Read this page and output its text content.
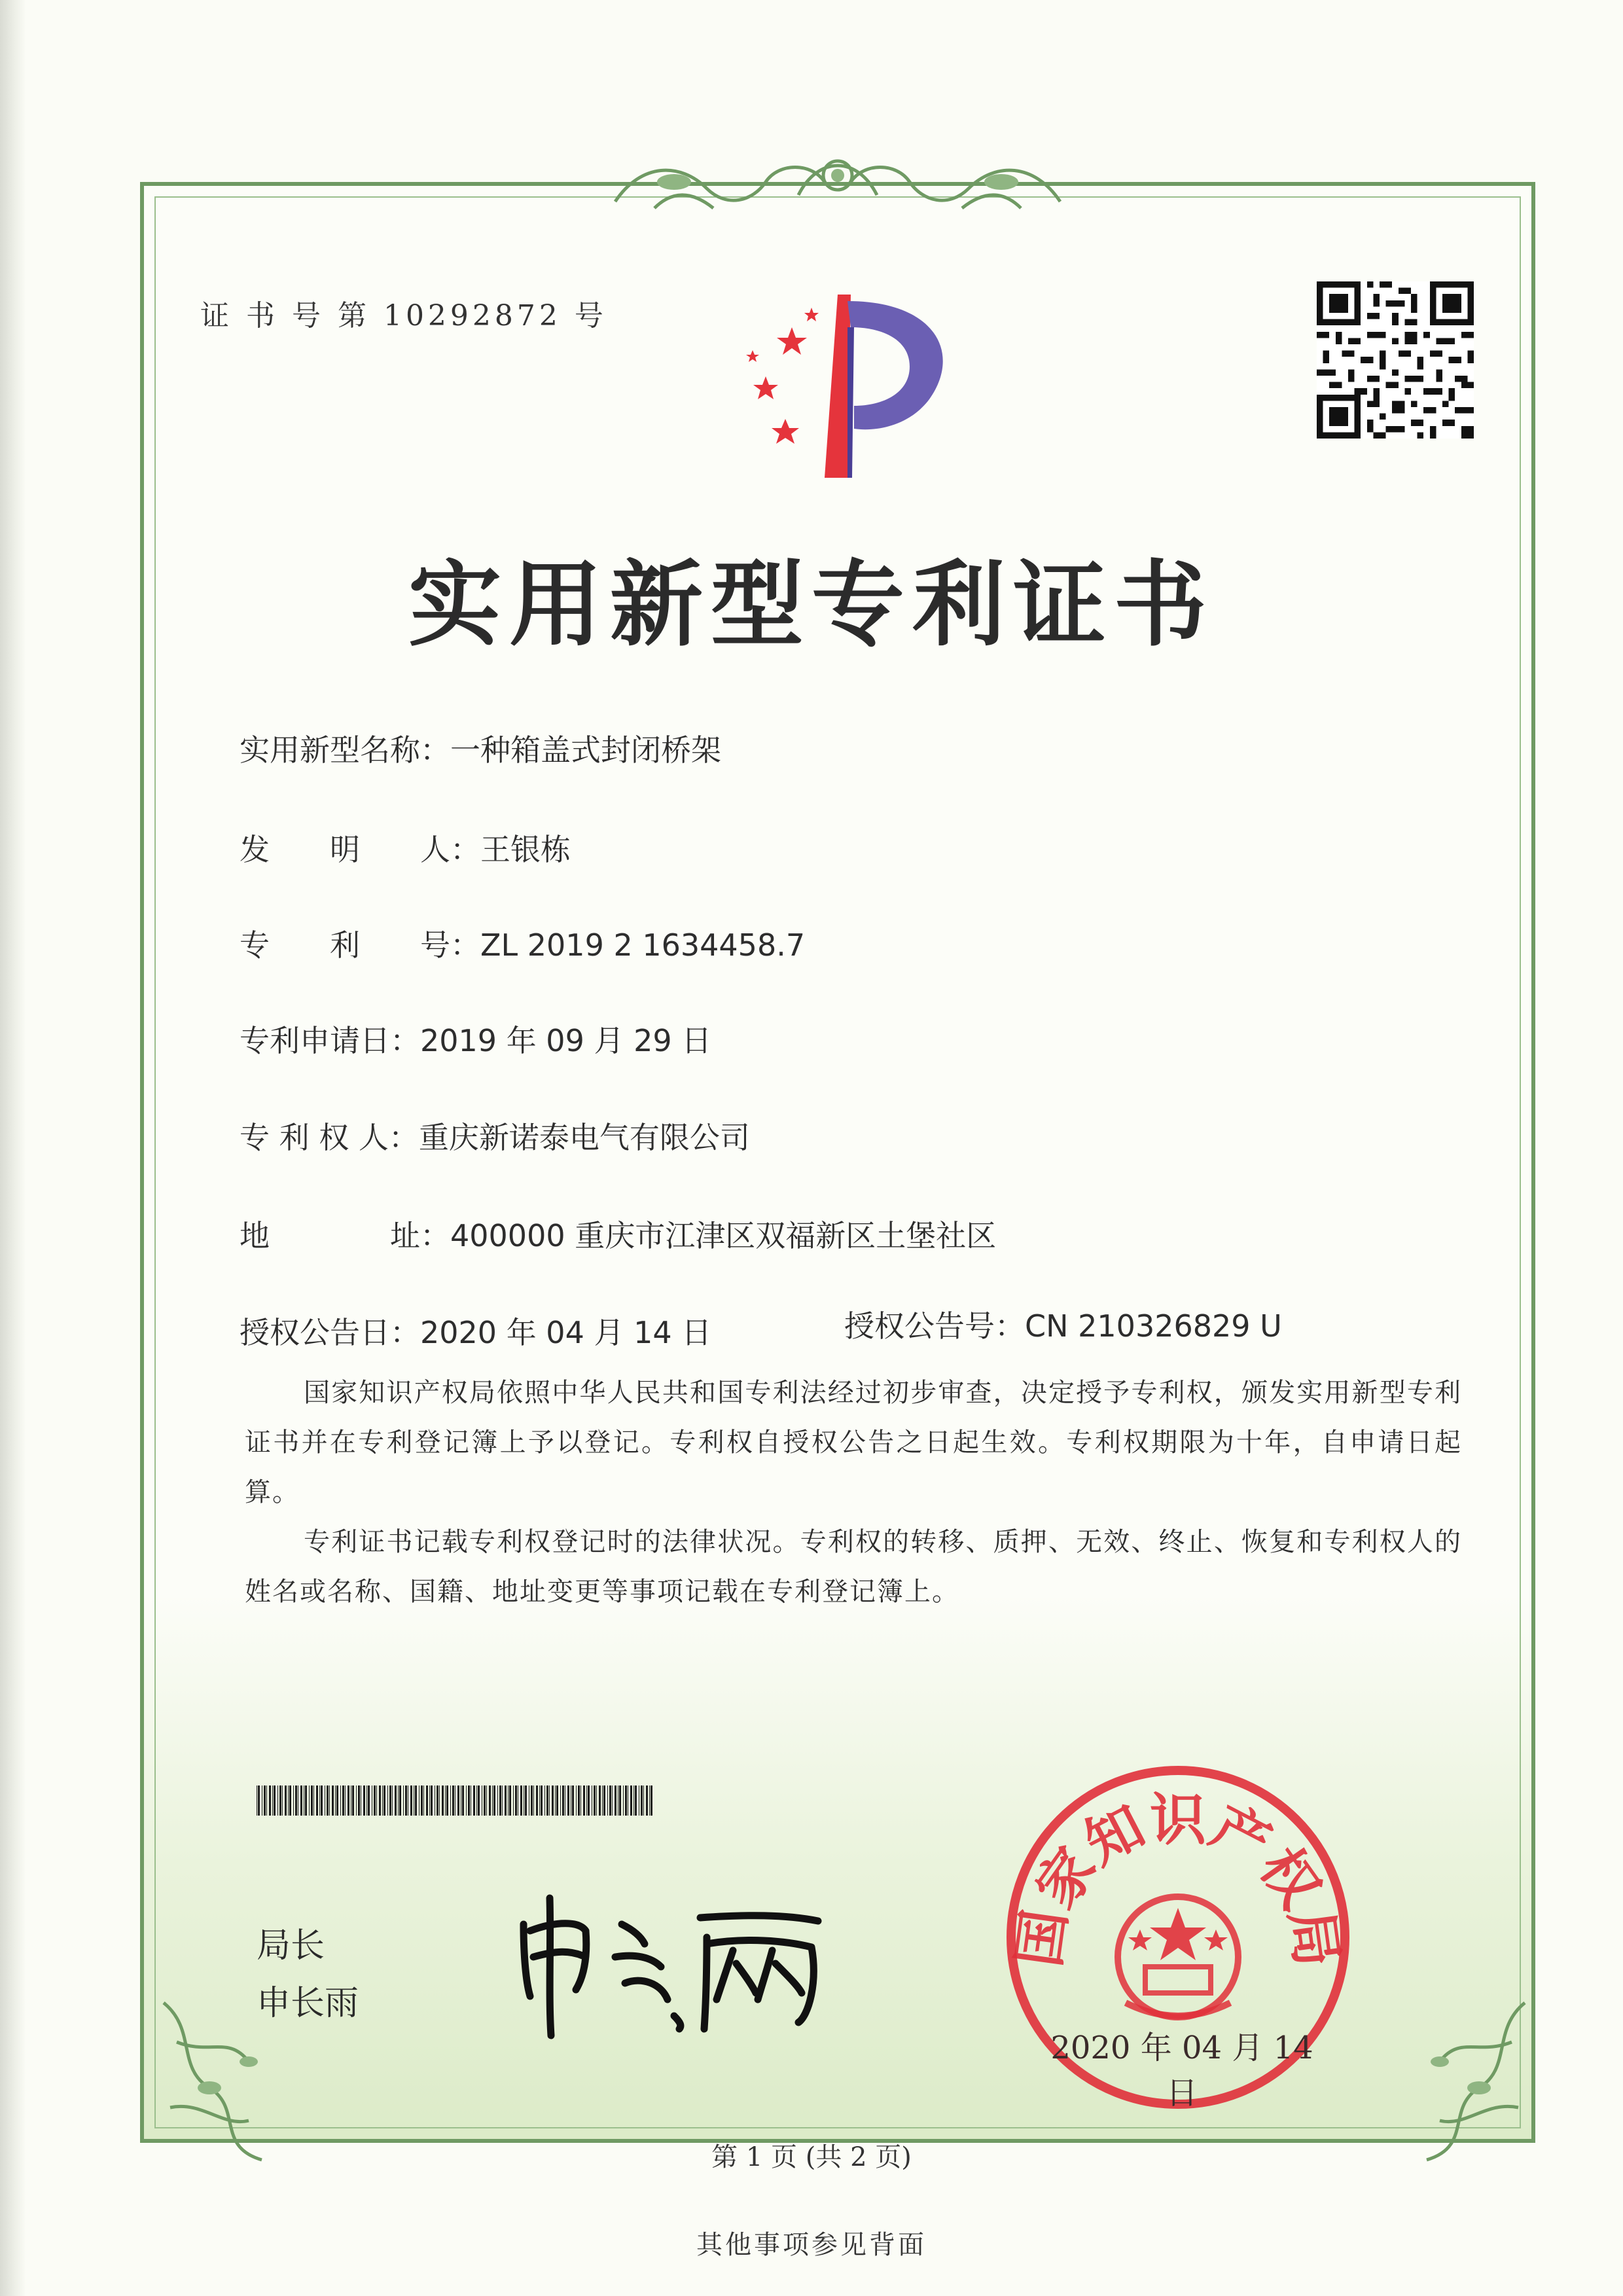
证 书 号 第 10292872 号
实用新型专利证书
实用新型名称：一种箱盖式封闭桥架
发　　明　　人：王银栋
专　　利　　号：ZL 2019 2 1634458.7
专利申请日：2019 年 09 月 29 日
专 利 权 人：重庆新诺泰电气有限公司
地　　　　址：400000 重庆市江津区双福新区土堡社区
授权公告日：2020 年 04 月 14 日	授权公告号：CN 210326829 U
国家知识产权局依照中华人民共和国专利法经过初步审查，决定授予专利权，颁发实用新型专利证书并在专利登记簿上予以登记。专利权自授权公告之日起生效。专利权期限为十年，自申请日起算。
专利证书记载专利权登记时的法律状况。专利权的转移、质押、无效、终止、恢复和专利权人的姓名或名称、国籍、地址变更等事项记载在专利登记簿上。
局长
申长雨
国家知识产权局
2020 年 04 月 14 日
第 1 页 (共 2 页)
其他事项参见背面
